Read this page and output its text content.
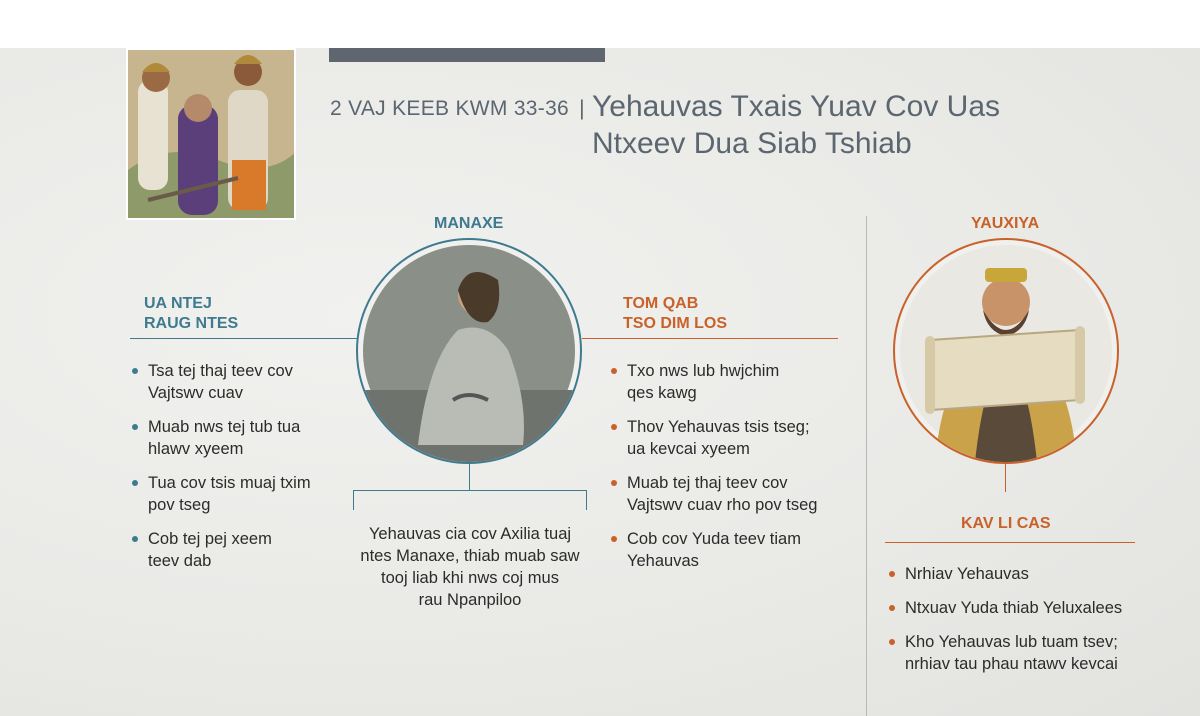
2 VAJ KEEB KWM 33-36 | Yehauvas Txais Yuav Cov Uas
Ntxeev Dua Siab Tshiab
MANAXE
UA NTEJ
RAUG NTES
Tsa tej thaj teev cov
Vajtswv cuav
Muab nws tej tub tua
hlawv xyeem
Tua cov tsis muaj txim
pov tseg
Cob tej pej xeem
teev dab
TOM QAB
TSO DIM LOS
Txo nws lub hwjchim
qes kawg
Thov Yehauvas tsis tseg;
ua kevcai xyeem
Muab tej thaj teev cov
Vajtswv cuav rho pov tseg
Cob cov Yuda teev tiam
Yehauvas
Yehauvas cia cov Axilia tuaj
ntes Manaxe, thiab muab saw
tooj liab khi nws coj mus
rau Npanpiloo
YAUXIYA
KAV LI CAS
Nrhiav Yehauvas
Ntxuav Yuda thiab Yeluxalees
Kho Yehauvas lub tuam tsev;
nrhiav tau phau ntawv kevcai
